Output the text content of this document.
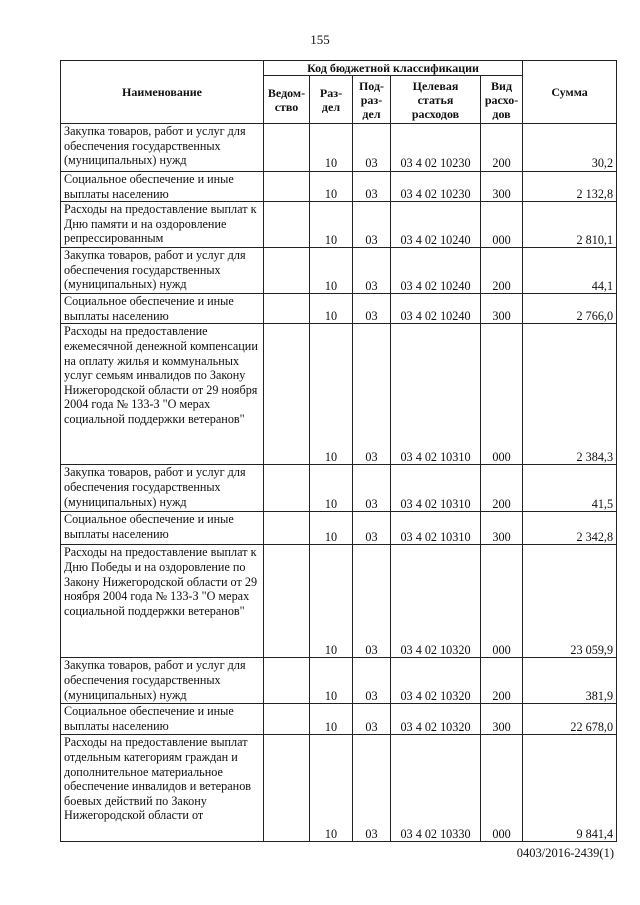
155
Наименование	Код бюджетной классификации					Сумма
	Ведом-ство	Раз-дел	Под-раз-дел	Целевая статья расходов	Вид расхо-дов	
Закупка товаров, работ и услуг для обеспечения государственных (муниципальных) нужд		10	03	03 4 02 10230	200	30,2
Социальное обеспечение и иные выплаты населению		10	03	03 4 02 10230	300	2 132,8
Расходы на предоставление выплат к Дню памяти и на оздоровление репрессированным		10	03	03 4 02 10240	000	2 810,1
Закупка товаров, работ и услуг для обеспечения государственных (муниципальных) нужд		10	03	03 4 02 10240	200	44,1
Социальное обеспечение и иные выплаты населению		10	03	03 4 02 10240	300	2 766,0
Расходы на предоставление ежемесячной денежной компенсации на оплату жилья и коммунальных услуг семьям инвалидов по Закону Нижегородской области от 29 ноября 2004 года № 133-З "О мерах социальной поддержки ветеранов"		10	03	03 4 02 10310	000	2 384,3
Закупка товаров, работ и услуг для обеспечения государственных (муниципальных) нужд		10	03	03 4 02 10310	200	41,5
Социальное обеспечение и иные выплаты населению		10	03	03 4 02 10310	300	2 342,8
Расходы на предоставление выплат к Дню Победы и на оздоровление по Закону Нижегородской области от 29 ноября 2004 года № 133-З "О мерах социальной поддержки ветеранов"		10	03	03 4 02 10320	000	23 059,9
Закупка товаров, работ и услуг для обеспечения государственных (муниципальных) нужд		10	03	03 4 02 10320	200	381,9
Социальное обеспечение и иные выплаты населению		10	03	03 4 02 10320	300	22 678,0
Расходы на предоставление выплат отдельным категориям граждан и дополнительное материальное обеспечение инвалидов и ветеранов боевых действий по Закону Нижегородской области от		10	03	03 4 02 10330	000	9 841,4
0403/2016-2439(1)
